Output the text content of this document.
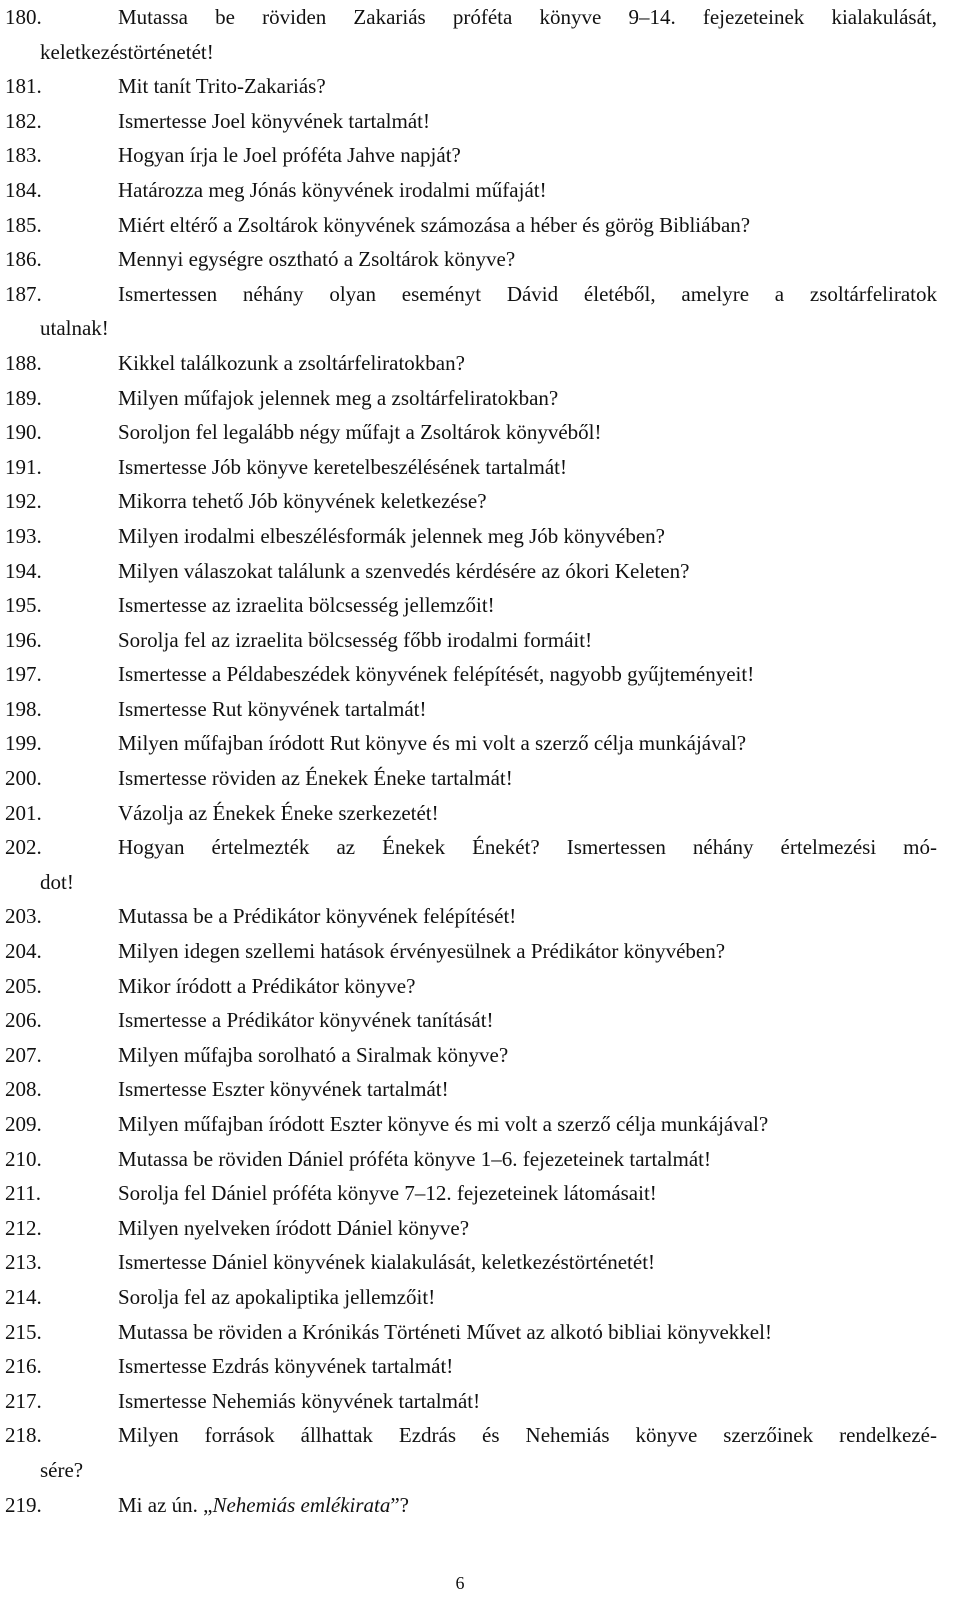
180.	Mutassa be röviden Zakariás próféta könyve 9–14. fejezeteinek kialakulását,
keletkezéstörténetét!
181.	Mit tanít Trito-Zakariás?
182.	Ismertesse Joel könyvének tartalmát!
183.	Hogyan írja le Joel próféta Jahve napját?
184.	Határozza meg Jónás könyvének irodalmi műfaját!
185.	Miért eltérő a Zsoltárok könyvének számozása a héber és görög Bibliában?
186.	Mennyi egységre osztható a Zsoltárok könyve?
187.	Ismertessen néhány olyan eseményt Dávid életéből, amelyre a zsoltárfeliratok
utalnak!
188.	Kikkel találkozunk a zsoltárfeliratokban?
189.	Milyen műfajok jelennek meg a zsoltárfeliratokban?
190.	Soroljon fel legalább négy műfajt a Zsoltárok könyvéből!
191.	Ismertesse Jób könyve keretelbeszélésének tartalmát!
192.	Mikorra tehető Jób könyvének keletkezése?
193.	Milyen irodalmi elbeszélésformák jelennek meg Jób könyvében?
194.	Milyen válaszokat találunk a szenvedés kérdésére az ókori Keleten?
195.	Ismertesse az izraelita bölcsesség jellemzőit!
196.	Sorolja fel az izraelita bölcsesség főbb irodalmi formáit!
197.	Ismertesse a Példabeszédek könyvének felépítését, nagyobb gyűjteményeit!
198.	Ismertesse Rut könyvének tartalmát!
199.	Milyen műfajban íródott Rut könyve és mi volt a szerző célja munkájával?
200.	Ismertesse röviden az Énekek Éneke tartalmát!
201.	Vázolja az Énekek Éneke szerkezetét!
202.	Hogyan értelmezték az Énekek Énekét? Ismertessen néhány értelmezési mó-
dot!
203.	Mutassa be a Prédikátor könyvének felépítését!
204.	Milyen idegen szellemi hatások érvényesülnek a Prédikátor könyvében?
205.	Mikor íródott a Prédikátor könyve?
206.	Ismertesse a Prédikátor könyvének tanítását!
207.	Milyen műfajba sorolható a Siralmak könyve?
208.	Ismertesse Eszter könyvének tartalmát!
209.	Milyen műfajban íródott Eszter könyve és mi volt a szerző célja munkájával?
210.	Mutassa be röviden Dániel próféta könyve 1–6. fejezeteinek tartalmát!
211.	Sorolja fel Dániel próféta könyve 7–12. fejezeteinek látomásait!
212.	Milyen nyelveken íródott Dániel könyve?
213.	Ismertesse Dániel könyvének kialakulását, keletkezéstörténetét!
214.	Sorolja fel az apokaliptika jellemzőit!
215.	Mutassa be röviden a Krónikás Történeti Művet az alkotó bibliai könyvekkel!
216.	Ismertesse Ezdrás könyvének tartalmát!
217.	Ismertesse Nehemiás könyvének tartalmát!
218.	Milyen források állhattak Ezdrás és Nehemiás könyve szerzőinek rendelkezé-
sére?
219.	Mi az ún. „Nehemiás emlékirata”?
6
